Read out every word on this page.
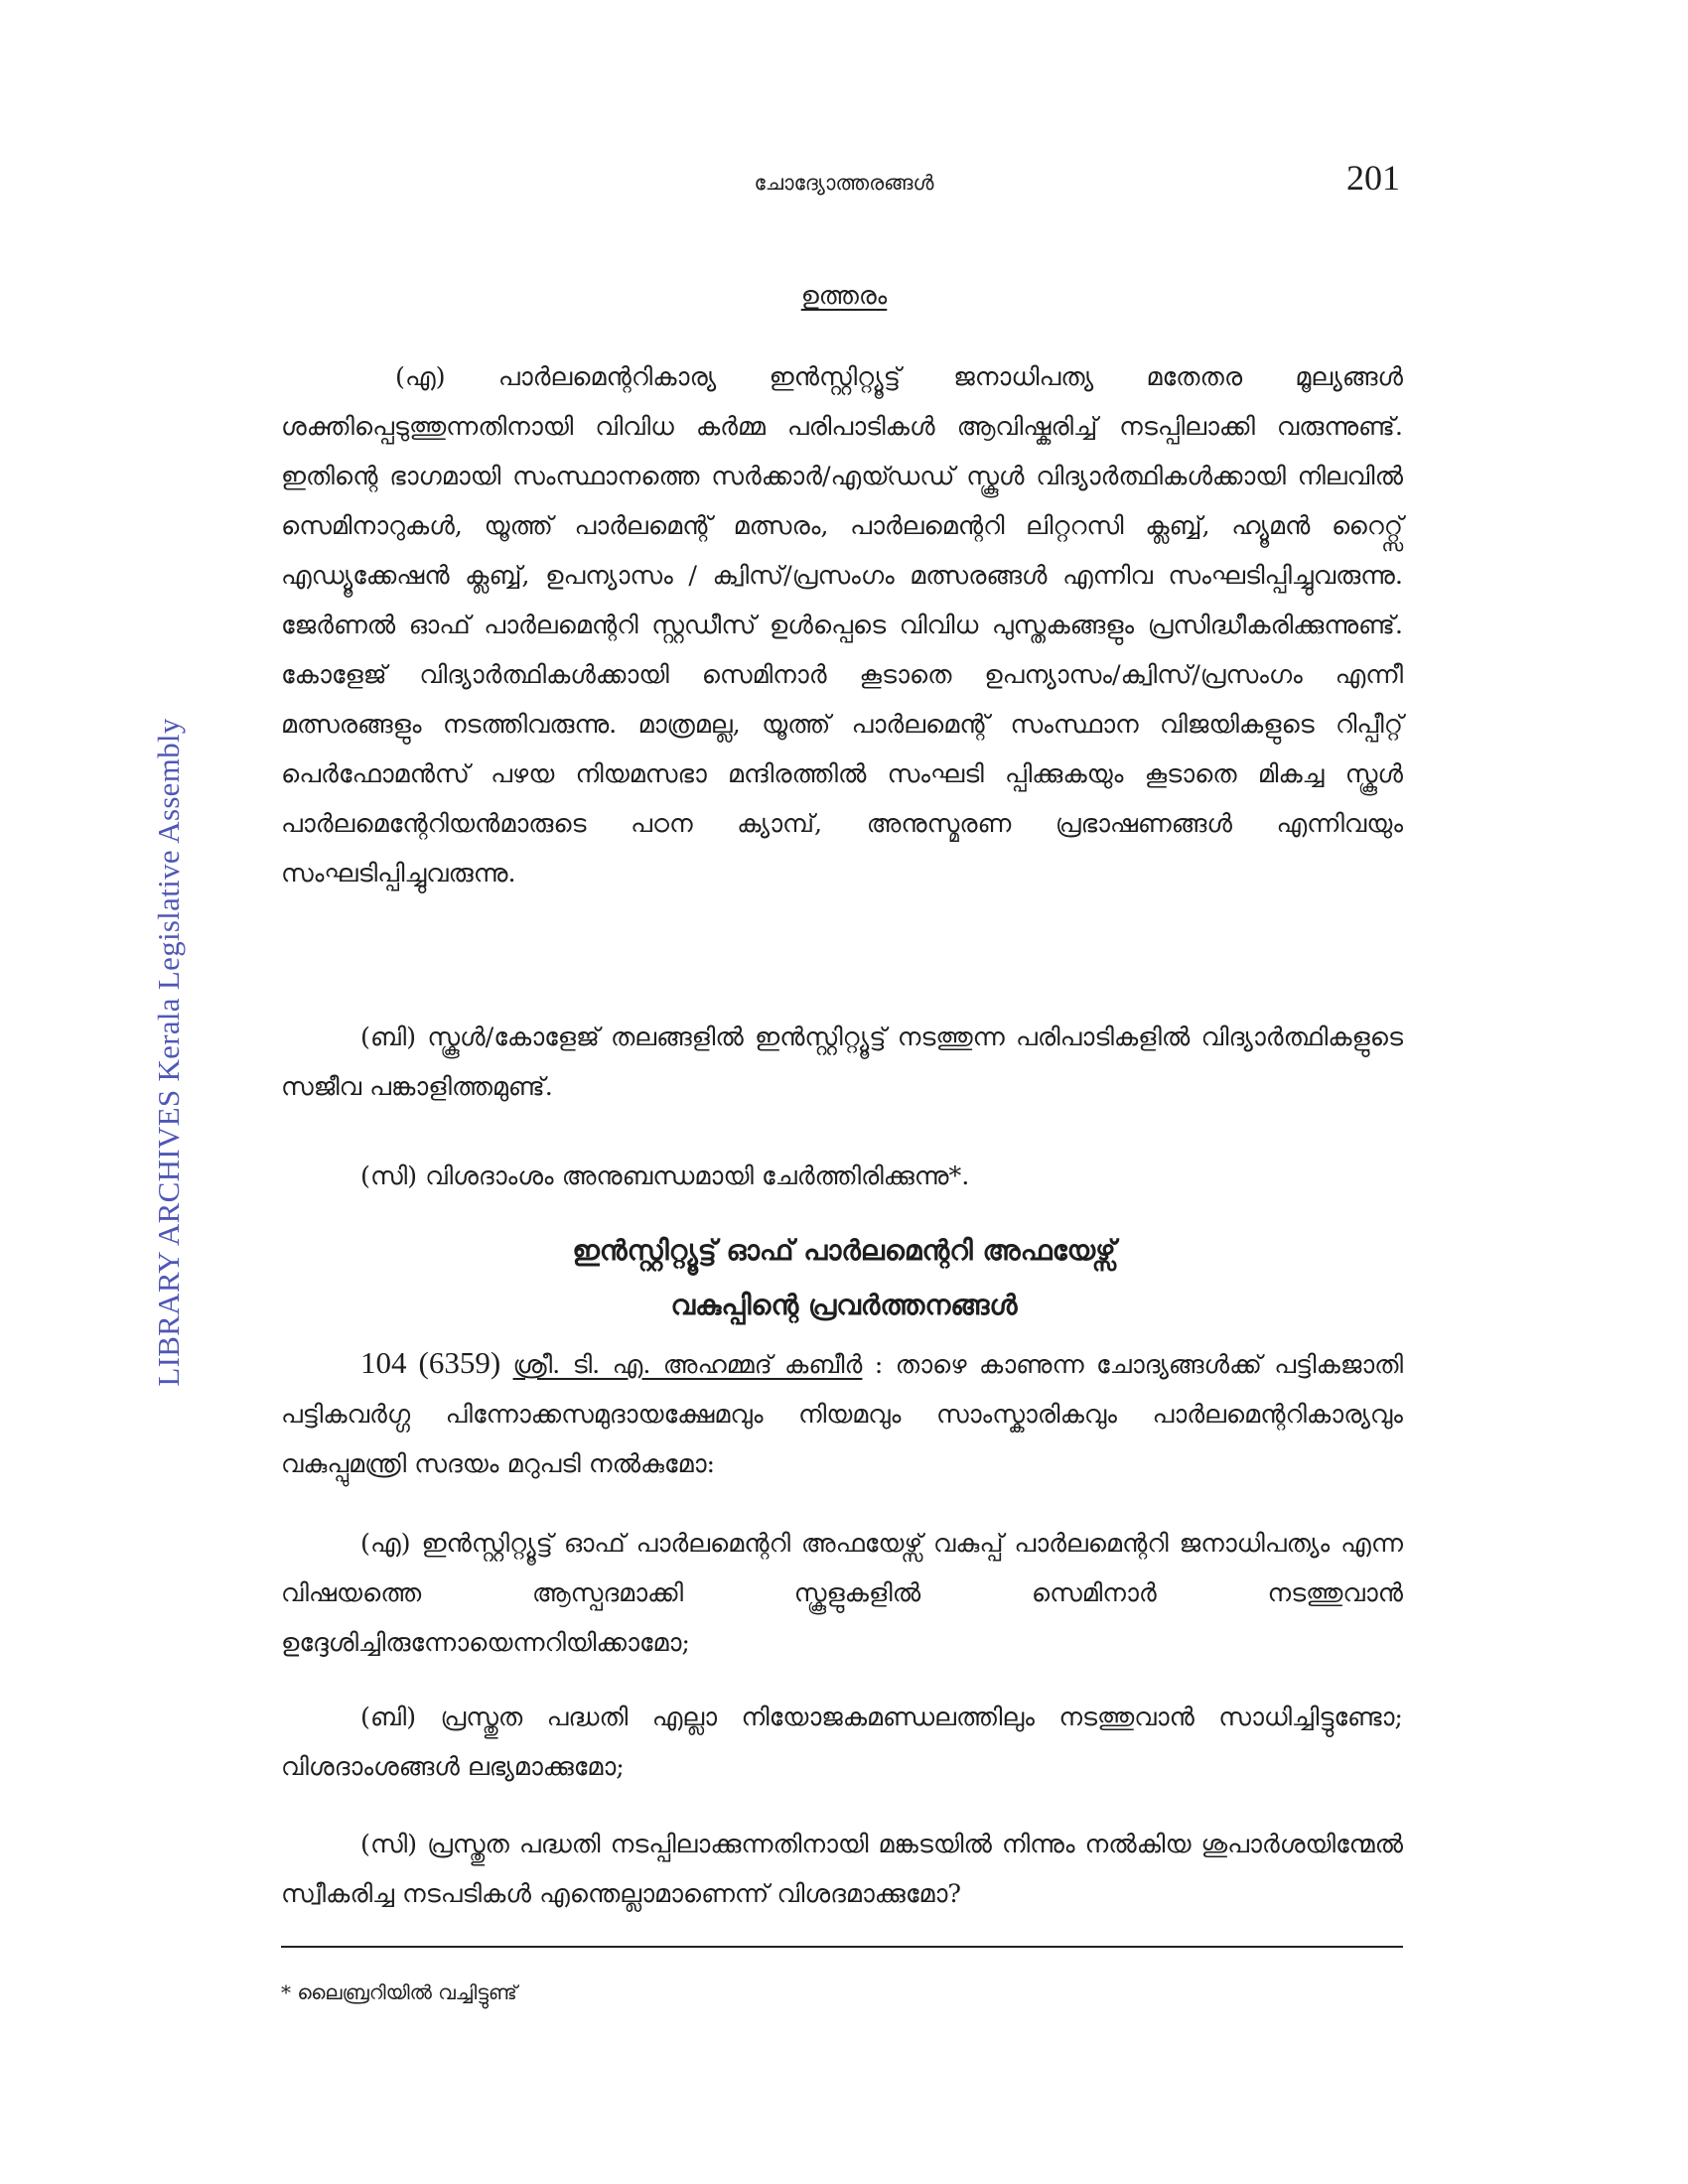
ചോദ്യോത്തരങ്ങൾ	201
LIBRARY ARCHIVES Kerala Legislative Assembly
ഉത്തരം

(എ) പാർലമെന്ററികാര്യ ഇൻസ്റ്റിറ്റ്യൂട്ട് ജനാധിപത്യ മതേതര മൂല്യങ്ങൾ ശക്തിപ്പെടുത്തുന്നതിനായി വിവിധ കർമ്മ പരിപാടികൾ ആവിഷ്കരിച്ച് നടപ്പിലാക്കി വരുന്നുണ്ട്. ഇതിന്റെ ഭാഗമായി സംസ്ഥാനത്തെ സർക്കാർ/എയ്ഡഡ് സ്കൂൾ വിദ്യാർത്ഥികൾക്കായി നിലവിൽ സെമിനാറുകൾ, യൂത്ത് പാർലമെന്റ് മത്സരം, പാർലമെന്ററി ലിറ്ററസി ക്ലബ്ബ്, ഹ്യൂമൻ റൈറ്റ്സ് എഡ്യൂക്കേഷൻ ക്ലബ്ബ്, ഉപന്യാസം / ക്വിസ്/പ്രസംഗം മത്സരങ്ങൾ എന്നിവ സംഘടിപ്പിച്ചുവരുന്നു. ജേർണൽ ഓഫ് പാർലമെന്ററി സ്റ്റഡീസ് ഉൾപ്പെടെ വിവിധ പുസ്തകങ്ങളും പ്രസിദ്ധീകരിക്കുന്നുണ്ട്. കോളേജ് വിദ്യാർത്ഥികൾക്കായി സെമിനാർ കൂടാതെ ഉപന്യാസം/ക്വിസ്/പ്രസംഗം എന്നീ മത്സരങ്ങളും നടത്തിവരുന്നു. മാത്രമല്ല, യൂത്ത് പാർലമെന്റ് സംസ്ഥാന വിജയികളുടെ റിപ്പീറ്റ് പെർഫോമൻസ് പഴയ നിയമസഭാ മന്ദിരത്തിൽ സംഘടി പ്പിക്കുകയും കൂടാതെ മികച്ച സ്കൂൾ പാർലമെന്റേറിയൻമാരുടെ പഠന ക്യാമ്പ്, അനുസ്മരണ പ്രഭാഷണങ്ങൾ എന്നിവയും സംഘടിപ്പിച്ചുവരുന്നു.

(ബി) സ്കൂൾ/കോളേജ് തലങ്ങളിൽ ഇൻസ്റ്റിറ്റ്യൂട്ട് നടത്തുന്ന പരിപാടികളിൽ വിദ്യാർത്ഥികളുടെ സജീവ പങ്കാളിത്തമുണ്ട്.

(സി) വിശദാംശം അനുബന്ധമായി ചേർത്തിരിക്കുന്നു*.

ഇൻസ്റ്റിറ്റ്യൂട്ട് ഓഫ് പാർലമെന്ററി അഫയേഴ്സ്
വകുപ്പിന്റെ പ്രവർത്തനങ്ങൾ

104 (6359) ശ്രീ. ടി. എ. അഹമ്മദ് കബീർ : താഴെ കാണുന്ന ചോദ്യങ്ങൾക്ക് പട്ടികജാതി പട്ടികവർഗ്ഗ പിന്നോക്കസമുദായക്ഷേമവും നിയമവും സാംസ്കാരികവും പാർലമെന്ററികാര്യവും വകുപ്പുമന്ത്രി സദയം മറുപടി നൽകുമോ:

(എ) ഇൻസ്റ്റിറ്റ്യൂട്ട് ഓഫ് പാർലമെന്ററി അഫയേഴ്സ് വകുപ്പ് പാർലമെന്ററി ജനാധിപത്യം എന്ന വിഷയത്തെ ആസ്പദമാക്കി സ്കൂളുകളിൽ സെമിനാർ നടത്തുവാൻ ഉദ്ദേശിച്ചിരുന്നോയെന്നറിയിക്കാമോ;

(ബി) പ്രസ്തുത പദ്ധതി എല്ലാ നിയോജകമണ്ഡലത്തിലും നടത്തുവാൻ സാധിച്ചിട്ടുണ്ടോ; വിശദാംശങ്ങൾ ലഭ്യമാക്കുമോ;

(സി) പ്രസ്തുത പദ്ധതി നടപ്പിലാക്കുന്നതിനായി മങ്കടയിൽ നിന്നും നൽകിയ ശുപാർശയിന്മേൽ സ്വീകരിച്ച നടപടികൾ എന്തെല്ലാമാണെന്ന് വിശദമാക്കുമോ?

* ലൈബ്രറിയിൽ വച്ചിട്ടുണ്ട്
